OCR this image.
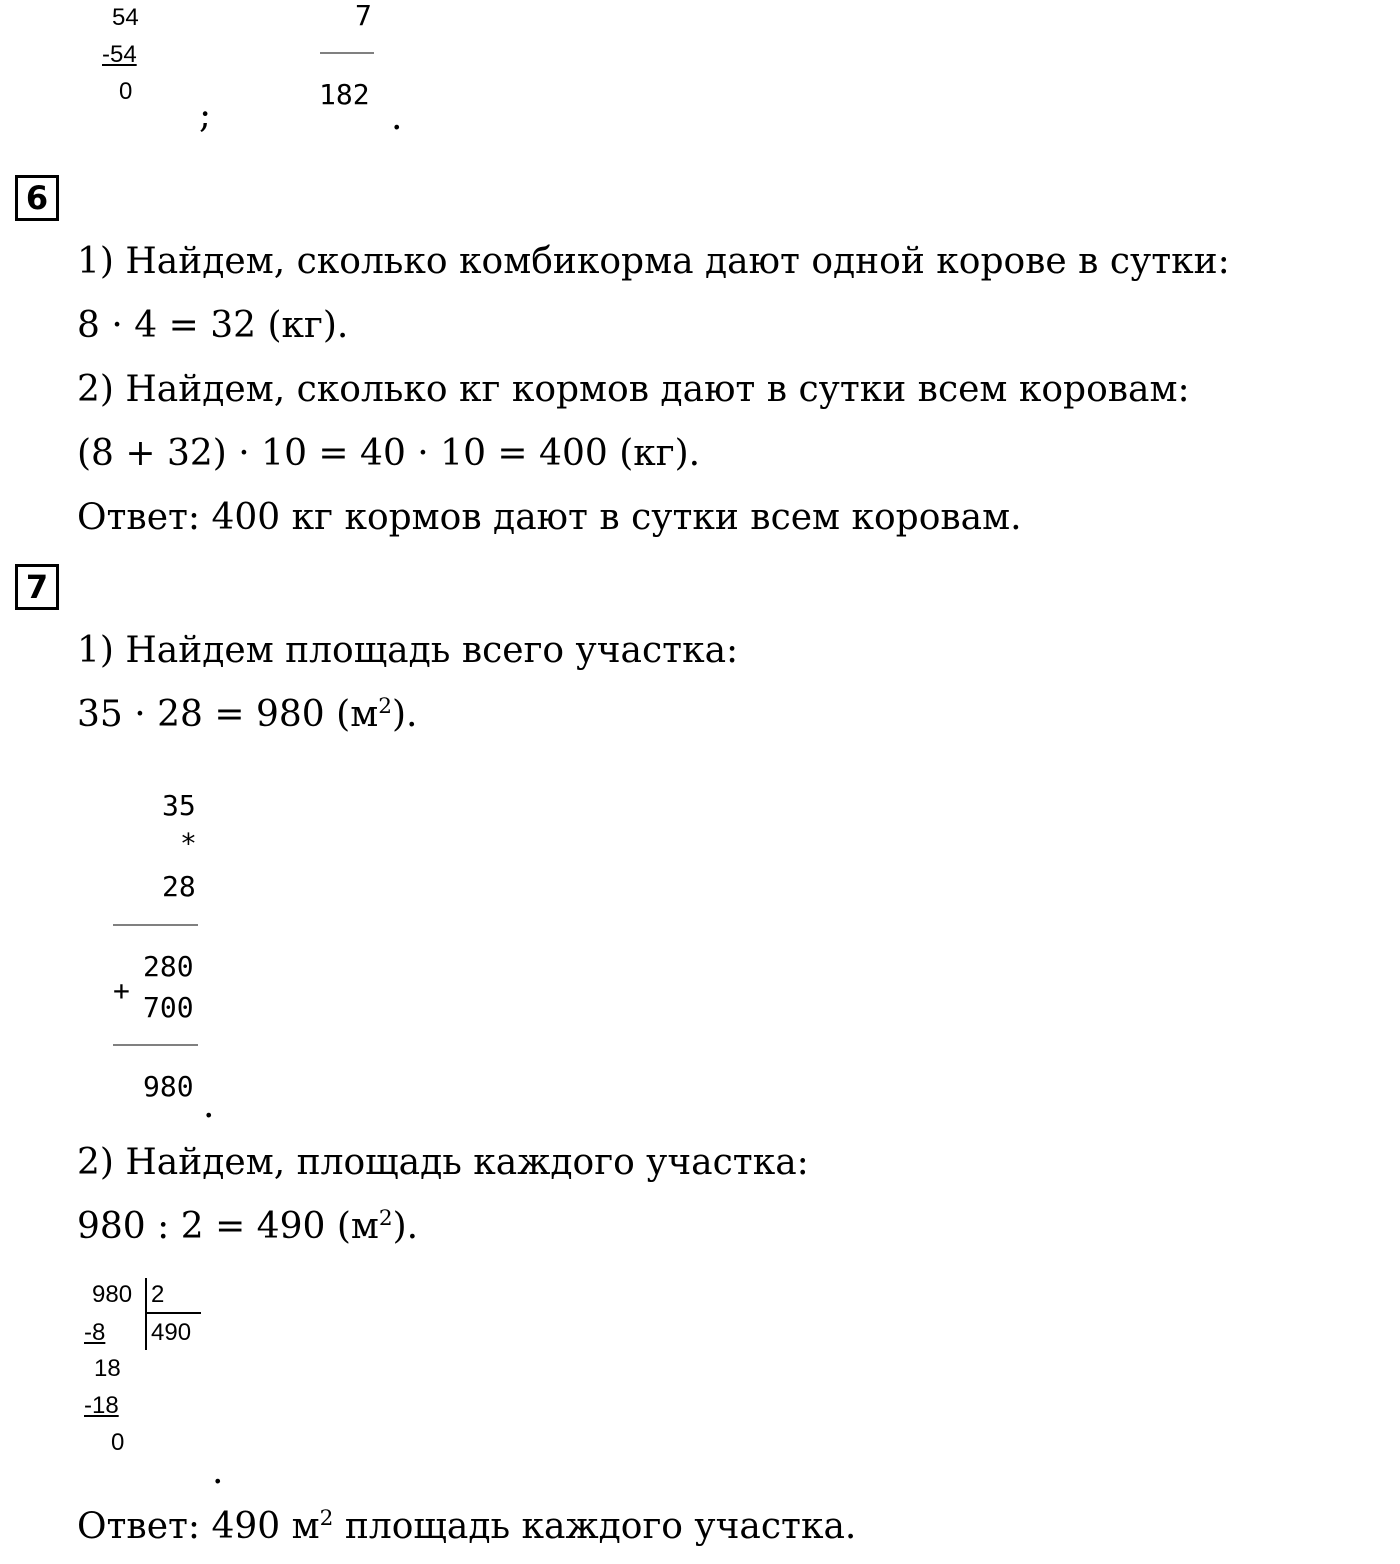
54
-54
0
;
7
182
.
6
1) Найдем, сколько комбикорма дают одной корове в сутки:
8 · 4 = 32 (кг).
2) Найдем, сколько кг кормов дают в сутки всем коровам:
(8 + 32) · 10 = 40 · 10 = 400 (кг).
Ответ: 400 кг кормов дают в сутки всем коровам.
7
1) Найдем площадь всего участка:
35 · 28 = 980 $(м^2)$.
35
*
28
280
+
700
980 .
2) Найдем, площадь каждого участка:
980 : 2 = 490 $(м^2)$.
980 2
490
-8
18
-18
0
.
Ответ: 490 $м^2$ площадь каждого участка.
